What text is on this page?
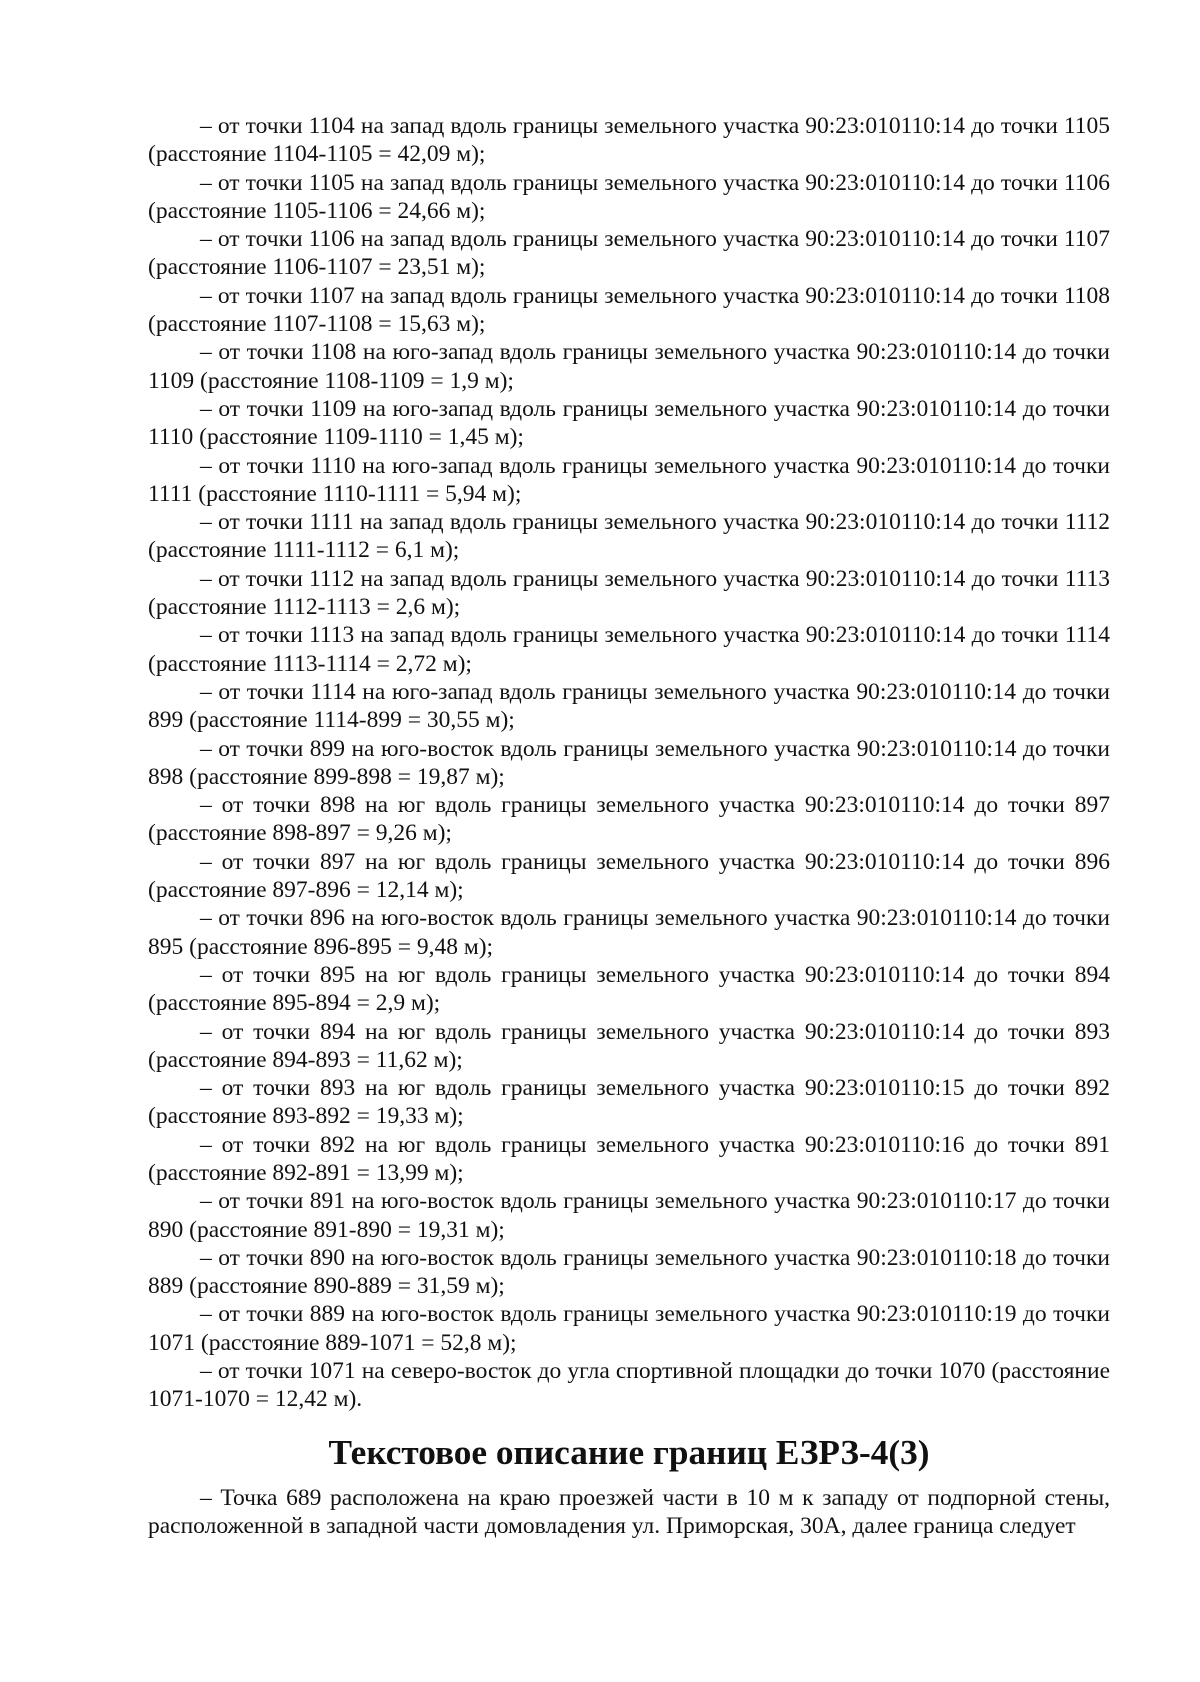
– от точки 1104 на запад вдоль границы земельного участка 90:23:010110:14 до точки 1105 (расстояние 1104-1105 = 42,09 м);

– от точки 1105 на запад вдоль границы земельного участка 90:23:010110:14 до точки 1106 (расстояние 1105-1106 = 24,66 м);

– от точки 1106 на запад вдоль границы земельного участка 90:23:010110:14 до точки 1107 (расстояние 1106-1107 = 23,51 м);

– от точки 1107 на запад вдоль границы земельного участка 90:23:010110:14 до точки 1108 (расстояние 1107-1108 = 15,63 м);

– от точки 1108 на юго-запад вдоль границы земельного участка 90:23:010110:14 до точки 1109 (расстояние 1108-1109 = 1,9 м);

– от точки 1109 на юго-запад вдоль границы земельного участка 90:23:010110:14 до точки 1110 (расстояние 1109-1110 = 1,45 м);

– от точки 1110 на юго-запад вдоль границы земельного участка 90:23:010110:14 до точки 1111 (расстояние 1110-1111 = 5,94 м);

– от точки 1111 на запад вдоль границы земельного участка 90:23:010110:14 до точки 1112 (расстояние 1111-1112 = 6,1 м);

– от точки 1112 на запад вдоль границы земельного участка 90:23:010110:14 до точки 1113 (расстояние 1112-1113 = 2,6 м);

– от точки 1113 на запад вдоль границы земельного участка 90:23:010110:14 до точки 1114 (расстояние 1113-1114 = 2,72 м);

– от точки 1114 на юго-запад вдоль границы земельного участка 90:23:010110:14 до точки 899 (расстояние 1114-899 = 30,55 м);

– от точки 899 на юго-восток вдоль границы земельного участка 90:23:010110:14 до точки 898 (расстояние 899-898 = 19,87 м);

– от точки 898 на юг вдоль границы земельного участка 90:23:010110:14 до точки 897 (расстояние 898-897 = 9,26 м);

– от точки 897 на юг вдоль границы земельного участка 90:23:010110:14 до точки 896 (расстояние 897-896 = 12,14 м);

– от точки 896 на юго-восток вдоль границы земельного участка 90:23:010110:14 до точки 895 (расстояние 896-895 = 9,48 м);

– от точки 895 на юг вдоль границы земельного участка 90:23:010110:14 до точки 894 (расстояние 895-894 = 2,9 м);

– от точки 894 на юг вдоль границы земельного участка 90:23:010110:14 до точки 893 (расстояние 894-893 = 11,62 м);

– от точки 893 на юг вдоль границы земельного участка 90:23:010110:15 до точки 892 (расстояние 893-892 = 19,33 м);

– от точки 892 на юг вдоль границы земельного участка 90:23:010110:16 до точки 891 (расстояние 892-891 = 13,99 м);

– от точки 891 на юго-восток вдоль границы земельного участка 90:23:010110:17 до точки 890 (расстояние 891-890 = 19,31 м);

– от точки 890 на юго-восток вдоль границы земельного участка 90:23:010110:18 до точки 889 (расстояние 890-889 = 31,59 м);

– от точки 889 на юго-восток вдоль границы земельного участка 90:23:010110:19 до точки 1071 (расстояние 889-1071 = 52,8 м);

– от точки 1071 на северо-восток до угла спортивной площадки до точки 1070 (расстояние 1071-1070 = 12,42 м).

Текстовое описание границ ЕЗРЗ-4(3)

– Точка 689 расположена на краю проезжей части в 10 м к западу от подпорной стены, расположенной в западной части домовладения ул. Приморская, 30А, далее граница следует
